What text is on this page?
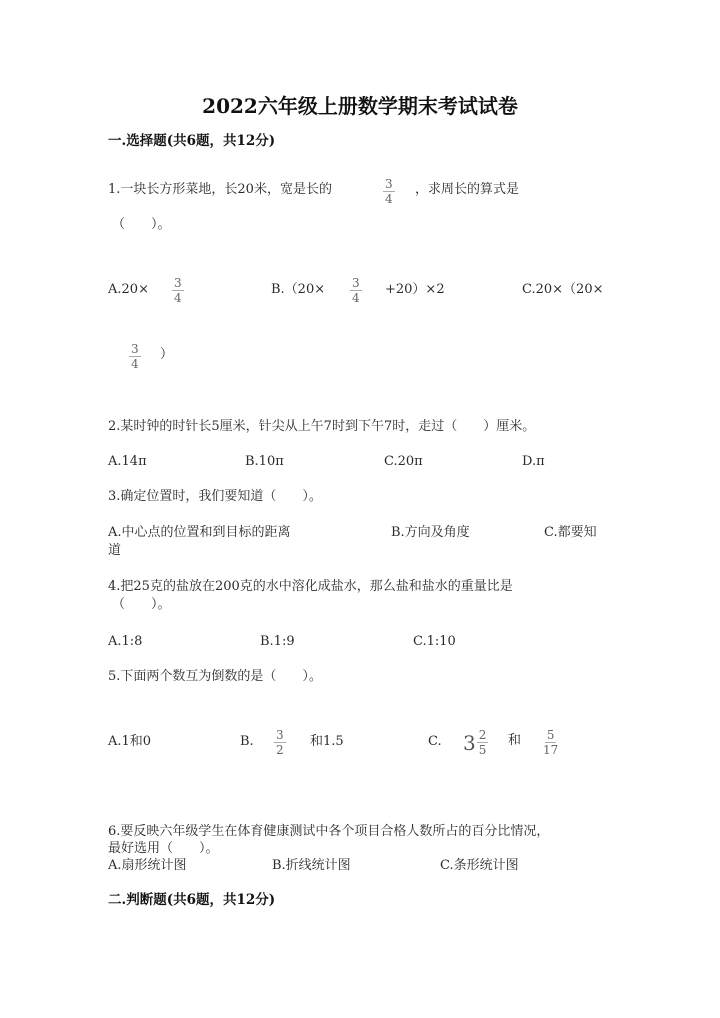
2022六年级上册数学期末考试试卷
一.选择题(共6题，共12分)
1.一块长方形菜地，长20米，宽是长的	$\frac{3}{4}$ ，求周长的算式是
（　　）。
$A.20\times \frac{3}{4}$	$B.(20\times \frac{3}{4} +20)\times 2$	C.20×（20×
$\frac{3}{4}$ ）
2.某时钟的时针长5厘米，针尖从上午7时到下午7时，走过（　　）厘米。
A.14π	B.10π	C.20π	D.π
3.确定位置时，我们要知道（　　）。
A.中心点的位置和到目标的距离	B.方向及角度	C.都要知
道
4.把25克的盐放在200克的水中溶化成盐水，那么盐和盐水的重量比是
（　　）。
A.1:8	B.1:9	C.1:10
5.下面两个数互为倒数的是（　　）。
A.1和0	B. $\frac{3}{2}$ 和1.5	C. $3 \frac{2}{5}$ 和 $\frac{5}{17}$
6.要反映六年级学生在体育健康测试中各个项目合格人数所占的百分比情况，
最好选用（　　）。
A.扇形统计图	B.折线统计图	C.条形统计图
二.判断题(共6题，共12分)
